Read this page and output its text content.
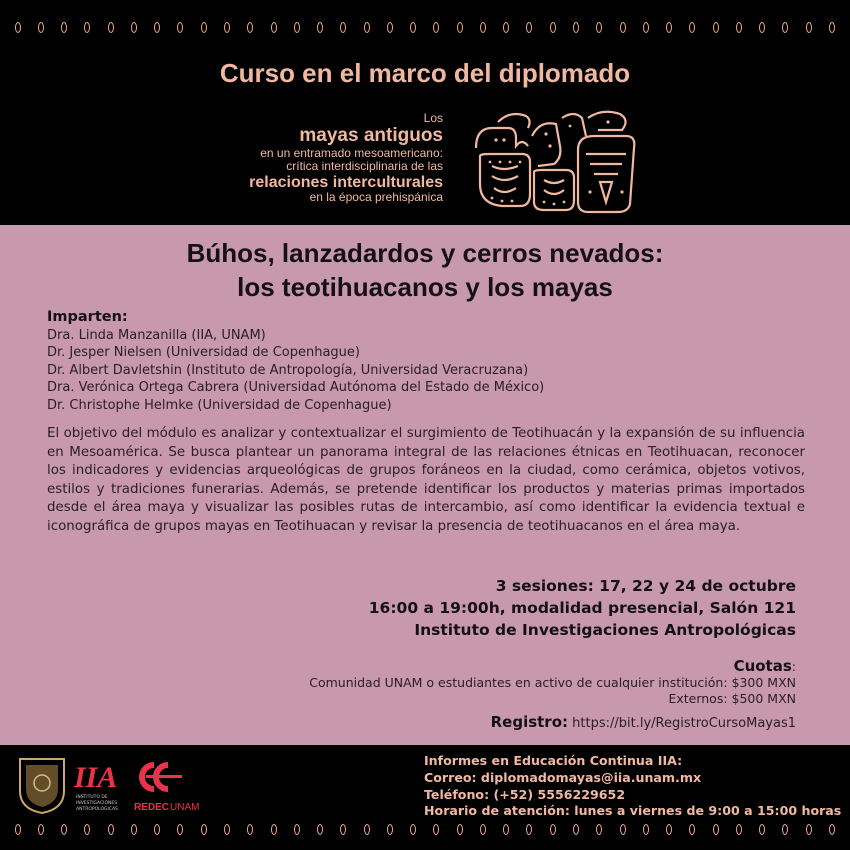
Curso en el marco del diplomado
Los
mayas antiguos
en un entramado mesoamericano:
crítica interdisciplinaria de las
relaciones interculturales
en la época prehispánica
Búhos, lanzadardos y cerros nevados:
los teotihuacanos y los mayas
Imparten:
Dra. Linda Manzanilla (IIA, UNAM)
Dr. Jesper Nielsen (Universidad de Copenhague)
Dr. Albert Davletshin (Instituto de Antropología, Universidad Veracruzana)
Dra. Verónica Ortega Cabrera (Universidad Autónoma del Estado de México)
Dr. Christophe Helmke (Universidad de Copenhague)
El objetivo del módulo es analizar y contextualizar el surgimiento de Teotihuacán y la expansión de su influencia en Mesoamérica. Se busca plantear un panorama integral de las relaciones étnicas en Teotihuacan, reconocer los indicadores y evidencias arqueológicas de grupos foráneos en la ciudad, como cerámica, objetos votivos, estilos y tradiciones funerarias. Además, se pretende identificar los productos y materias primas importados desde el área maya y visualizar las posibles rutas de intercambio, así como identificar la evidencia textual e iconográfica de grupos mayas en Teotihuacan y revisar la presencia de teotihuacanos en el área maya.
3 sesiones: 17, 22 y 24 de octubre
16:00 a 19:00h, modalidad presencial, Salón 121
Instituto de Investigaciones Antropológicas
Cuotas:
Comunidad UNAM o estudiantes en activo de cualquier institución: $300 MXN
Externos: $500 MXN
Registro: https://bit.ly/RegistroCursoMayas1
IIA
INSTITUTO DE
INVESTIGACIONES
ANTROPOLÓGICAS REDEC UNAM
Informes en Educación Continua IIA:
Correo: diplomadomayas@iia.unam.mx
Teléfono: (+52) 5556229652
Horario de atención: lunes a viernes de 9:00 a 15:00 horas
